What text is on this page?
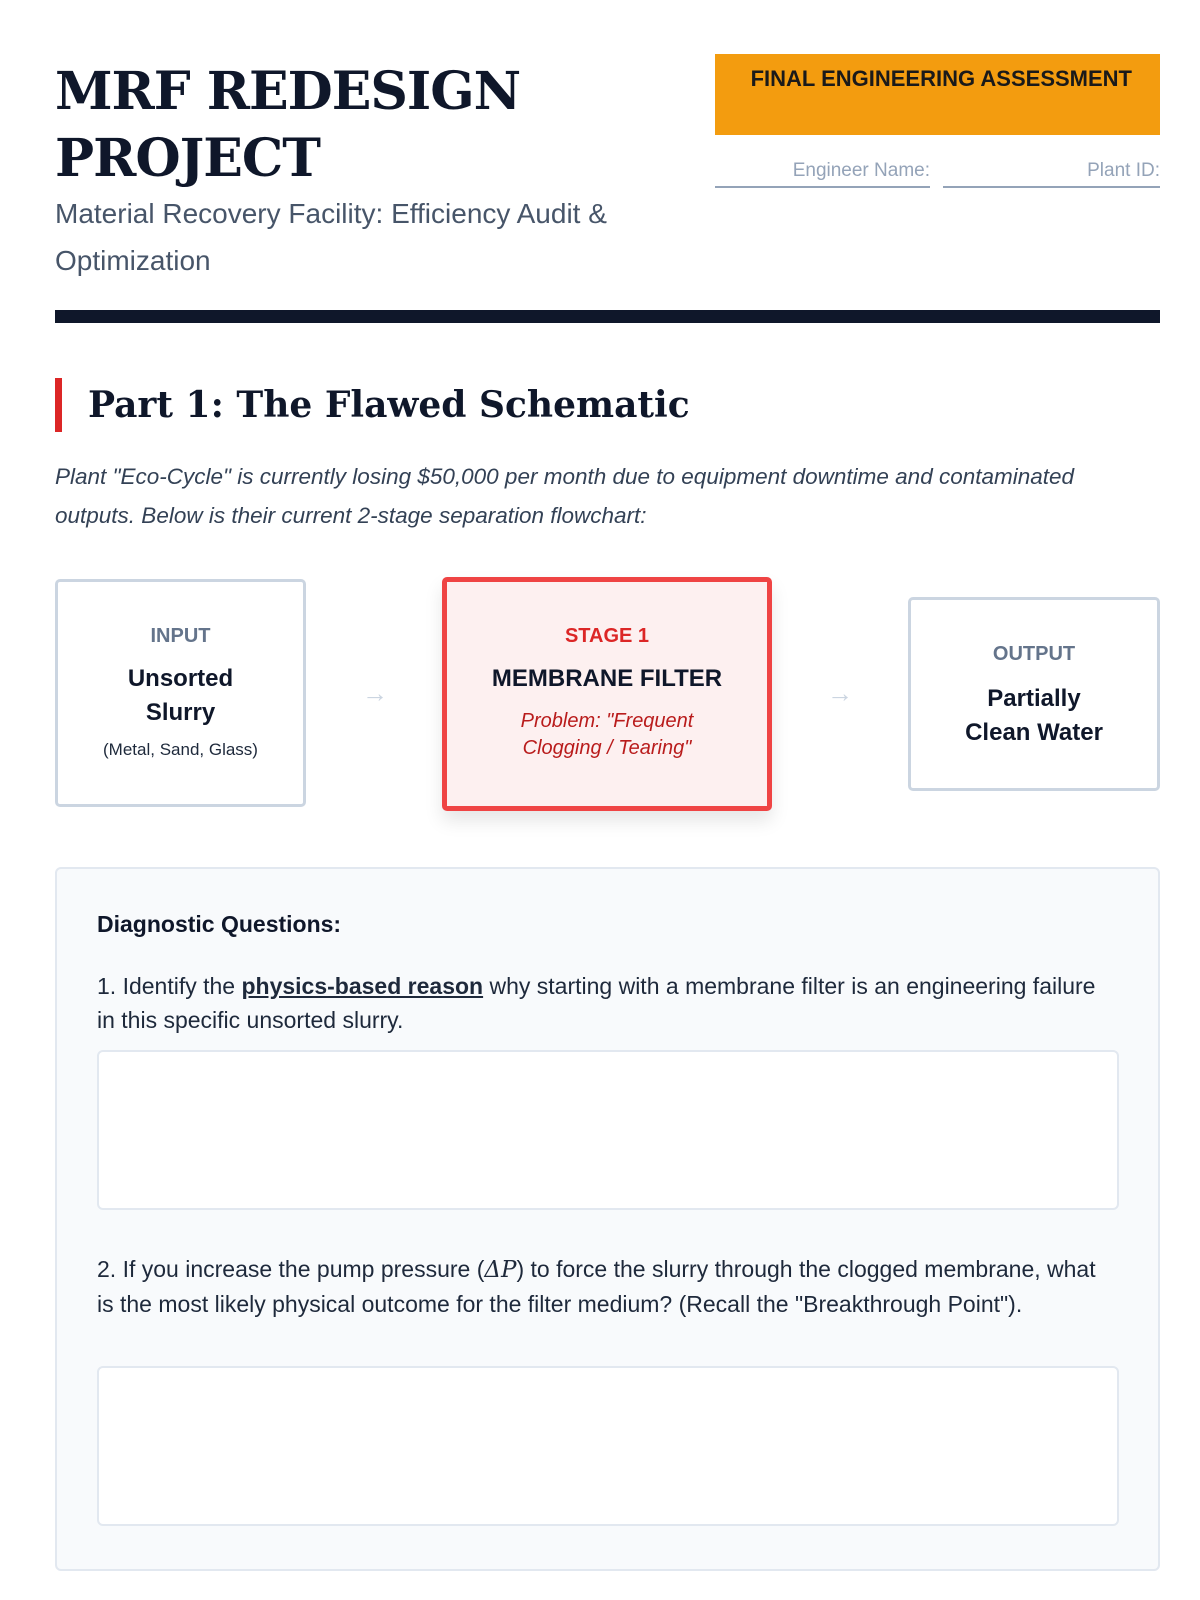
MRF REDESIGN PROJECT

Material Recovery Facility: Efficiency Audit & Optimization

FINAL ENGINEERING ASSESSMENT
Engineer Name:	Plant ID:
Part 1: The Flawed Schematic

Plant "Eco-Cycle" is currently losing $50,000 per month due to equipment downtime and contaminated outputs. Below is their current 2-stage separation flowchart:

INPUT
Unsorted Slurry
(Metal, Sand, Glass)
→
STAGE 1
MEMBRANE FILTER
Problem: "Frequent Clogging / Tearing"
→
OUTPUT
Partially Clean Water
Diagnostic Questions:

1. Identify the physics-based reason why starting with a membrane filter is an engineering failure in this specific unsorted slurry.

2. If you increase the pump pressure (ΔP) to force the slurry through the clogged membrane, what is the most likely physical outcome for the filter medium? (Recall the "Breakthrough Point").
